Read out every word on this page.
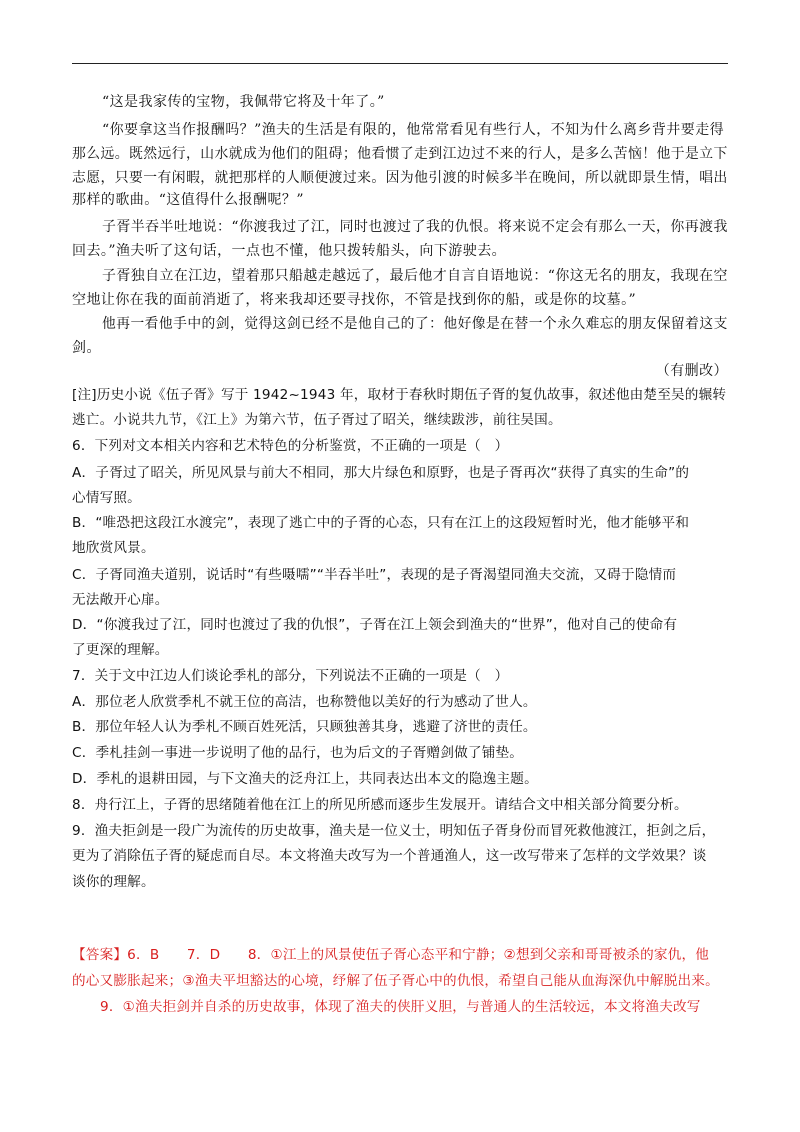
“这是我家传的宝物，我佩带它将及十年了。”
“你要拿这当作报酬吗？”渔夫的生活是有限的，他常常看见有些行人，不知为什么离乡背井要走得
那么远。既然远行，山水就成为他们的阻碍；他看惯了走到江边过不来的行人，是多么苦恼！他于是立下
志愿，只要一有闲暇，就把那样的人顺便渡过来。因为他引渡的时候多半在晚间，所以就即景生情，唱出
那样的歌曲。“这值得什么报酬呢？”
子胥半吞半吐地说：“你渡我过了江，同时也渡过了我的仇恨。将来说不定会有那么一天，你再渡我
回去。”渔夫听了这句话，一点也不懂，他只拨转船头，向下游驶去。
子胥独自立在江边，望着那只船越走越远了，最后他才自言自语地说：“你这无名的朋友，我现在空
空地让你在我的面前消逝了，将来我却还要寻找你，不管是找到你的船，或是你的坟墓。”
他再一看他手中的剑，觉得这剑已经不是他自己的了：他好像是在替一个永久难忘的朋友保留着这支
剑。
（有删改）
[注]历史小说《伍子胥》写于 1942~1943 年，取材于春秋时期伍子胥的复仇故事，叙述他由楚至吴的辗转
逃亡。小说共九节，《江上》为第六节，伍子胥过了昭关，继续跋涉，前往吴国。
6．下列对文本相关内容和艺术特色的分析鉴赏，不正确的一项是（　）
A．子胥过了昭关，所见风景与前大不相同，那大片绿色和原野，也是子胥再次“获得了真实的生命”的
心情写照。
B．“唯恐把这段江水渡完”，表现了逃亡中的子胥的心态，只有在江上的这段短暂时光，他才能够平和
地欣赏风景。
C．子胥同渔夫道别，说话时“有些嗫嚅”“半吞半吐”，表现的是子胥渴望同渔夫交流，又碍于隐情而
无法敞开心扉。
D．“你渡我过了江，同时也渡过了我的仇恨”，子胥在江上领会到渔夫的“世界”，他对自己的使命有
了更深的理解。
7．关于文中江边人们谈论季札的部分，下列说法不正确的一项是（　）
A．那位老人欣赏季札不就王位的高洁，也称赞他以美好的行为感动了世人。
B．那位年轻人认为季札不顾百姓死活，只顾独善其身，逃避了济世的责任。
C．季札挂剑一事进一步说明了他的品行，也为后文的子胥赠剑做了铺垫。
D．季札的退耕田园，与下文渔夫的泛舟江上，共同表达出本文的隐逸主题。
8．舟行江上，子胥的思绪随着他在江上的所见所感而逐步生发展开。请结合文中相关部分简要分析。
9．渔夫拒剑是一段广为流传的历史故事，渔夫是一位义士，明知伍子胥身份而冒死救他渡江，拒剑之后，
更为了消除伍子胥的疑虑而自尽。本文将渔夫改写为一个普通渔人，这一改写带来了怎样的文学效果？谈
谈你的理解。
【答案】6．B　　7．D　　8．①江上的风景使伍子胥心态平和宁静；②想到父亲和哥哥被杀的家仇，他
的心又膨胀起来；③渔夫平坦豁达的心境，纾解了伍子胥心中的仇恨，希望自己能从血海深仇中解脱出来。
9．①渔夫拒剑并自杀的历史故事，体现了渔夫的侠肝义胆，与普通人的生活较远，本文将渔夫改写
